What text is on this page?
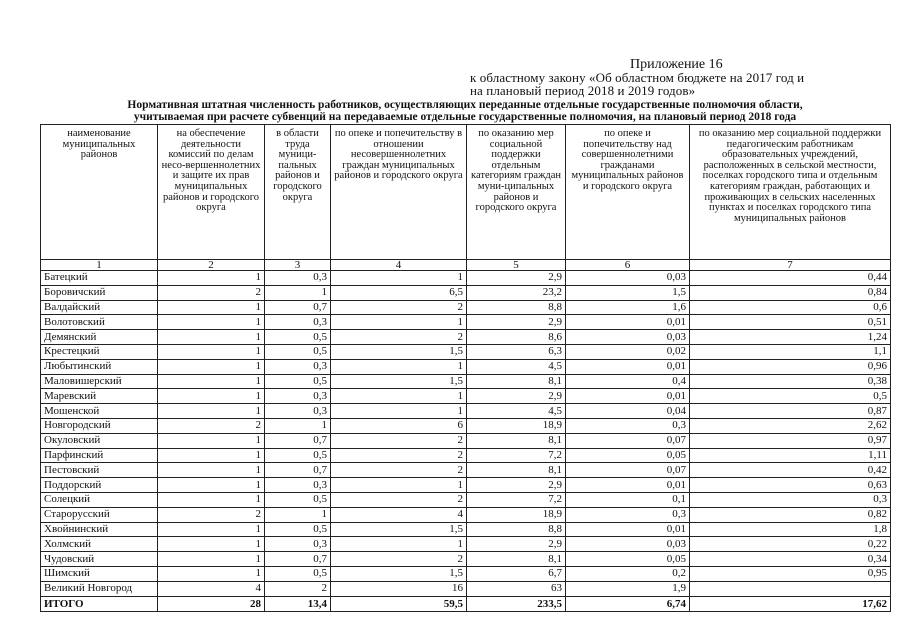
Приложение 16
к областному закону «Об областном бюджете на 2017 год и
на плановый период 2018 и 2019 годов»
Нормативная штатная численность работников, осуществляющих переданные отдельные государственные полномочия области,
учитываемая при расчете субвенций на передаваемые отдельные государственные полномочия, на плановый период 2018 года
наименование муниципальных районов	на обеспечение деятельности комиссий по делам несо-вершеннолетних и защите их прав муниципальных районов и городского округа	в области труда муници-пальных районов и городского округа	по опеке и попечительству в отношении несовершеннолетних граждан муниципальных районов и городского округа	по оказанию мер социальной поддержки отдельным категориям граждан муни-ципальных районов и городского округа	по опеке и попечительству над совершеннолетними гражданами муниципальных районов и городского округа	по оказанию мер социальной поддержки педагогическим работникам образовательных учреждений, расположенных в сельской местности, поселках городского типа и отдельным категориям граждан, работающих и проживающих в сельских населенных пунктах и поселках городского типа муниципальных районов
1	2	3	4	5	6	7
Батецкий	1	0,3	1	2,9	0,03	0,44
Боровичский	2	1	6,5	23,2	1,5	0,84
Валдайский	1	0,7	2	8,8	1,6	0,6
Волотовский	1	0,3	1	2,9	0,01	0,51
Демянский	1	0,5	2	8,6	0,03	1,24
Крестецкий	1	0,5	1,5	6,3	0,02	1,1
Любытинский	1	0,3	1	4,5	0,01	0,96
Маловишерский	1	0,5	1,5	8,1	0,4	0,38
Маревский	1	0,3	1	2,9	0,01	0,5
Мошенской	1	0,3	1	4,5	0,04	0,87
Новгородский	2	1	6	18,9	0,3	2,62
Окуловский	1	0,7	2	8,1	0,07	0,97
Парфинский	1	0,5	2	7,2	0,05	1,11
Пестовский	1	0,7	2	8,1	0,07	0,42
Поддорский	1	0,3	1	2,9	0,01	0,63
Солецкий	1	0,5	2	7,2	0,1	0,3
Старорусский	2	1	4	18,9	0,3	0,82
Хвойнинский	1	0,5	1,5	8,8	0,01	1,8
Холмский	1	0,3	1	2,9	0,03	0,22
Чудовский	1	0,7	2	8,1	0,05	0,34
Шимский	1	0,5	1,5	6,7	0,2	0,95
Великий Новгород	4	2	16	63	1,9	
ИТОГО	28	13,4	59,5	233,5	6,74	17,62
